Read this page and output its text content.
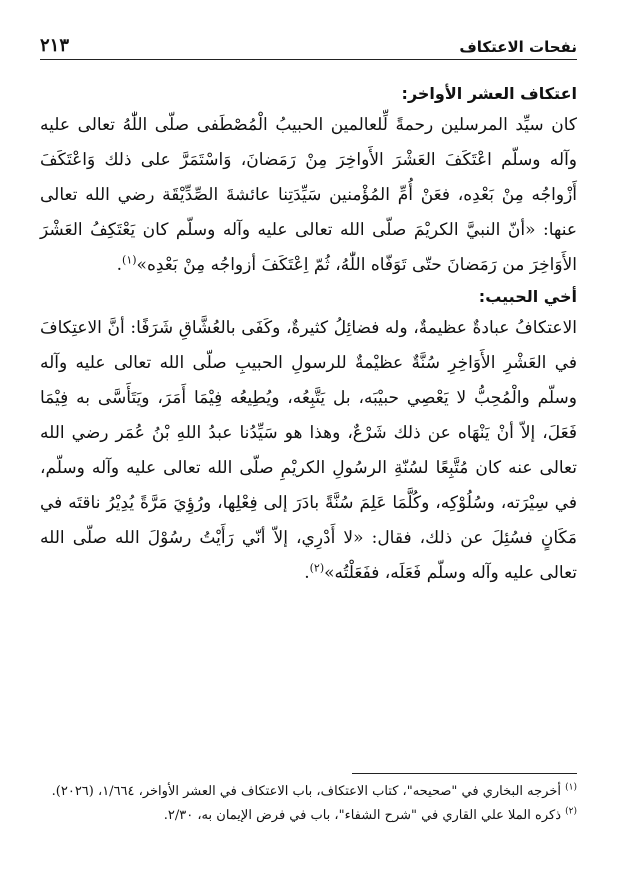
نفحات الاعتكاف
٢١٣

اعتكاف العشر الأواخر:

كان سيِّد المرسلين رحمةً لِّلعالمين الحبيبُ الْمُصْطَفى صلّى اللّٰهُ تعالى عليه وآله وسلّم اعْتَكَفَ العَشْرَ الأَواخِرَ مِنْ رَمَضانَ، وَاسْتَمَرَّ على ذلك وَاعْتَكَفَ أَزْواجُه مِنْ بَعْدِه، فعَنْ أُمِّ المُؤْمنين سَيِّدَتِنا عائشةَ الصِّدِّيْقَة رضي الله تعالى عنها: «أنّ النبيَّ الكريْمَ صلّى الله تعالى عليه وآله وسلّم كان يَعْتَكِفُ العَشْرَ الأَوَاخِرَ من رَمَضانَ حتّى تَوَفّاه اللّٰهُ، ثُمّ اِعْتَكَفَ أزواجُه مِنْ بَعْدِه»$^{(١)}$.

أخي الحبيب:

الاعتكافُ عبادةٌ عظيمةٌ، وله فضائِلُ كثيرةٌ، وكَفَى بالعُشَّاقِ شَرَفًا: أنَّ الاعتِكافَ في العَشْرِ الأَوَاخِرِ سُنَّةٌ عظيْمةٌ للرسولِ الحبيبِ صلّى الله تعالى عليه وآله وسلّم والْمُحِبُّ لا يَعْصِي حبيْبَه، بل يَتَّبِعُه، ويُطِيعُه فِيْمَا أَمَرَ، ويَتَأَسَّى به فِيْمَا فَعَلَ، إلاّ أنْ يَنْهَاه عن ذلك شَرْعٌ، وهذا هو سَيِّدُنا عبدُ اللهِ بْنُ عُمَر رضي الله تعالى عنه كان مُتَّبِعًا لسُنّةِ الرسُولِ الكريْمِ صلّى الله تعالى عليه وآله وسلّم، في سِيْرَته، وسُلُوْكِه، وكُلَّمَا عَلِمَ سُنَّةً بادَرَ إلى فِعْلِها، ورُؤِيَ مَرَّةً يُدِيْرُ ناقتَه في مَكَانٍ فسُئِلَ عن ذلك، فقال: «لا أَدْرِي، إلاّ أنّي رَأَيْتُ رسُوْلَ الله صلّى الله تعالى عليه وآله وسلّم فَعَلَه، ففَعَلْتُه»$^{(٢)}$.

$^{(١)}$ أخرجه البخاري في "صحيحه"، كتاب الاعتكاف، باب الاعتكاف في العشر الأواخر، ١/٦٦٤، (٢٠٢٦).

$^{(٢)}$ ذكره الملا علي القاري في "شرح الشفاء"، باب في فرض الإيمان به، ٢/٣٠.
